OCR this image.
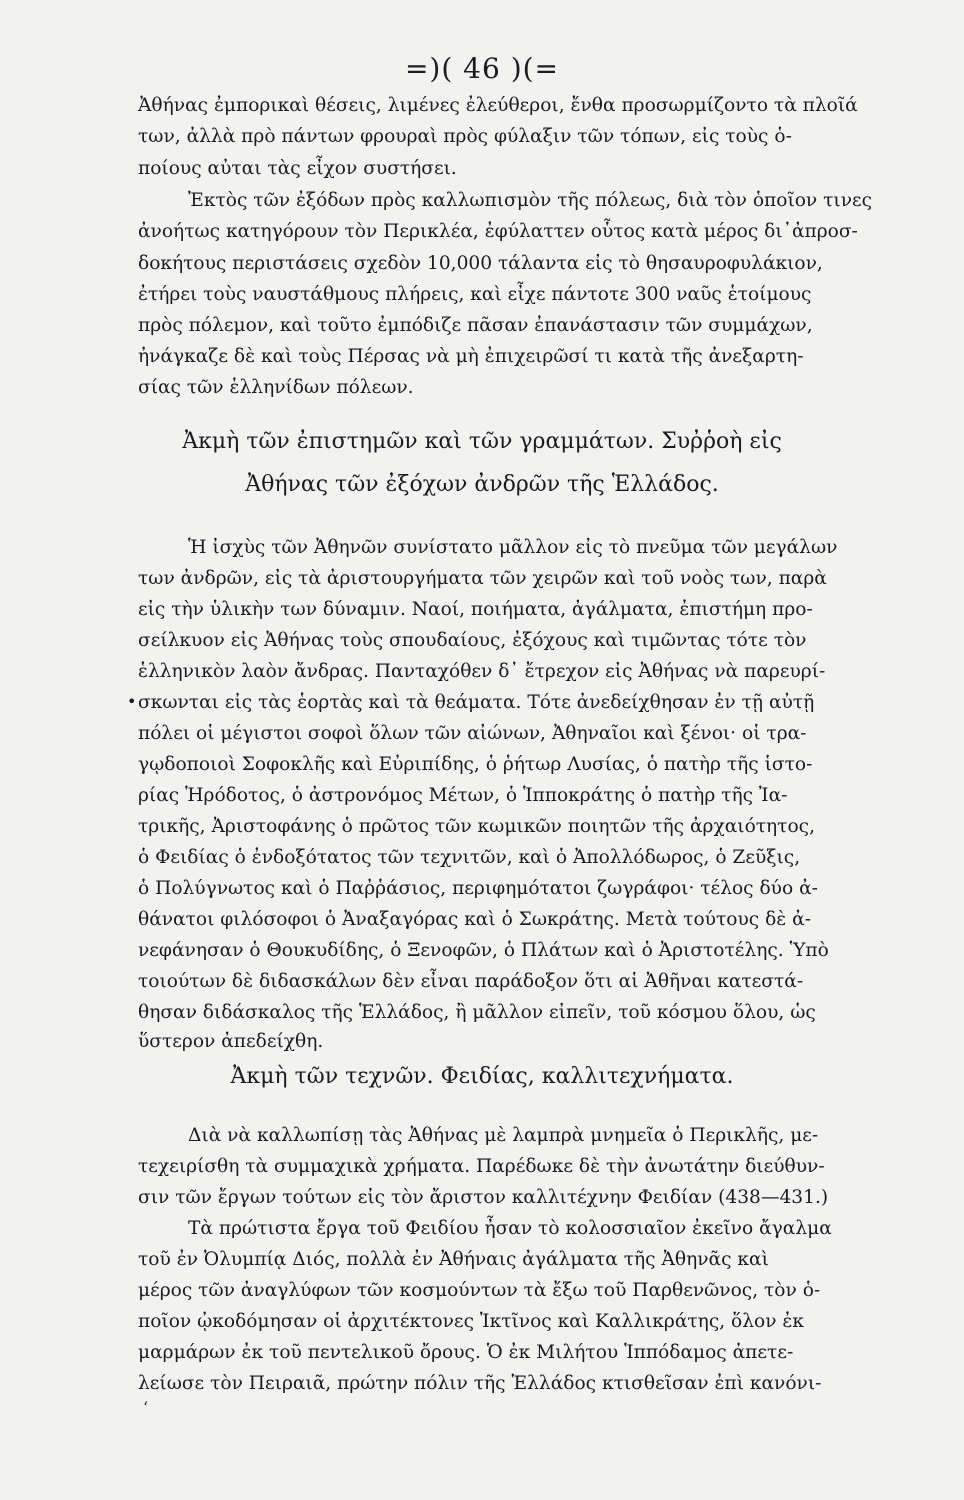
=)( 46 )(=
Ἀθήνας ἐμπορικαὶ θέσεις, λιμένες ἐλεύθεροι, ἔνθα προσωρμίζοντο τὰ πλοῖά
των, ἀλλὰ πρὸ πάντων φρουραὶ πρὸς φύλαξιν τῶν τόπων, εἰς τοὺς ὁ-
ποίους αὐται τὰς εἶχον συστήσει.
Ἐκτὸς τῶν ἐξόδων πρὸς καλλωπισμὸν τῆς πόλεως, διὰ τὸν ὁποῖον τινες
ἀνοήτως κατηγόρουν τὸν Περικλέα, ἐφύλαττεν οὗτος κατὰ μέρος δι᾽ἀπροσ-
δοκήτους περιστάσεις σχεδὸν 10,000 τάλαντα εἰς τὸ θησαυροφυλάκιον,
ἐτήρει τοὺς ναυστάθμους πλήρεις, καὶ εἶχε πάντοτε 300 ναῦς ἑτοίμους
πρὸς πόλεμον, καὶ τοῦτο ἐμπόδιζε πᾶσαν ἐπανάστασιν τῶν συμμάχων,
ἠνάγκαζε δὲ καὶ τοὺς Πέρσας νὰ μὴ ἐπιχειρῶσί τι κατὰ τῆς ἀνεξαρτη-
σίας τῶν ἑλληνίδων πόλεων.
Ἀκμὴ τῶν ἐπιστημῶν καὶ τῶν γραμμάτων. Συῤῥοὴ εἰς
Ἀθήνας τῶν ἐξόχων ἀνδρῶν τῆς Ἑλλάδος.
Ἡ ἰσχὺς τῶν Ἀθηνῶν συνίστατο μᾶλλον εἰς τὸ πνεῦμα τῶν μεγάλων
των ἀνδρῶν, εἰς τὰ ἀριστουργήματα τῶν χειρῶν καὶ τοῦ νοὸς των, παρὰ
εἰς τὴν ὑλικὴν των δύναμιν. Ναοί, ποιήματα, ἀγάλματα, ἐπιστήμη προ-
σείλκυον εἰς Ἀθήνας τοὺς σπουδαίους, ἐξόχους καὶ τιμῶντας τότε τὸν
ἑλληνικὸν λαὸν ἄνδρας. Πανταχόθεν δ᾽ ἔτρεχον εἰς Ἀθήνας νὰ παρευρί-
σκωνται εἰς τὰς ἑορτὰς καὶ τὰ θεάματα. Τότε ἀνεδείχθησαν ἐν τῇ αὐτῇ
πόλει οἱ μέγιστοι σοφοὶ ὅλων τῶν αἰώνων, Ἀθηναῖοι καὶ ξένοι· οἱ τρα-
γῳδοποιοὶ Σοφοκλῆς καὶ Εὐριπίδης, ὁ ῥήτωρ Λυσίας, ὁ πατὴρ τῆς ἱστο-
ρίας Ἡρόδοτος, ὁ ἀστρονόμος Μέτων, ὁ Ἱπποκράτης ὁ πατὴρ τῆς Ἰα-
τρικῆς, Ἀριστοφάνης ὁ πρῶτος τῶν κωμικῶν ποιητῶν τῆς ἀρχαιότητος,
ὁ Φειδίας ὁ ἐνδοξότατος τῶν τεχνιτῶν, καὶ ὁ Ἀπολλόδωρος, ὁ Ζεῦξις,
ὁ Πολύγνωτος καὶ ὁ Παῤῥάσιος, περιφημότατοι ζωγράφοι· τέλος δύο ἀ-
θάνατοι φιλόσοφοι ὁ Ἀναξαγόρας καὶ ὁ Σωκράτης. Μετὰ τούτους δὲ ἀ-
νεφάνησαν ὁ Θουκυδίδης, ὁ Ξενοφῶν, ὁ Πλάτων καὶ ὁ Ἀριστοτέλης. Ὑπὸ
τοιούτων δὲ διδασκάλων δὲν εἶναι παράδοξον ὅτι αἱ Ἀθῆναι κατεστά-
θησαν διδάσκαλος τῆς Ἑλλάδος, ἢ μᾶλλον εἰπεῖν, τοῦ κόσμου ὅλου, ὡς
ὕστερον ἀπεδείχθη.
Ἀκμὴ τῶν τεχνῶν. Φειδίας, καλλιτεχνήματα.
Διὰ νὰ καλλωπίσῃ τὰς Ἀθήνας μὲ λαμπρὰ μνημεῖα ὁ Περικλῆς, με-
τεχειρίσθη τὰ συμμαχικὰ χρήματα. Παρέδωκε δὲ τὴν ἀνωτάτην διεύθυν-
σιν τῶν ἔργων τούτων εἰς τὸν ἄριστον καλλιτέχνην Φειδίαν (438—431.)
Τὰ πρώτιστα ἔργα τοῦ Φειδίου ἦσαν τὸ κολοσσιαῖον ἐκεῖνο ἄγαλμα
τοῦ ἐν Ὀλυμπίᾳ Διός, πολλὰ ἐν Ἀθήναις ἀγάλματα τῆς Ἀθηνᾶς καὶ
μέρος τῶν ἀναγλύφων τῶν κοσμούντων τὰ ἔξω τοῦ Παρθενῶνος, τὸν ὁ-
ποῖον ᾠκοδόμησαν οἱ ἀρχιτέκτονες Ἰκτῖνος καὶ Καλλικράτης, ὅλον ἐκ
μαρμάρων ἐκ τοῦ πεντελικοῦ ὄρους. Ὁ ἐκ Μιλήτου Ἱππόδαμος ἀπετε-
λείωσε τὸν Πειραιᾶ, πρώτην πόλιν τῆς Ἑλλάδος κτισθεῖσαν ἐπὶ κανόνι-
•
‘
